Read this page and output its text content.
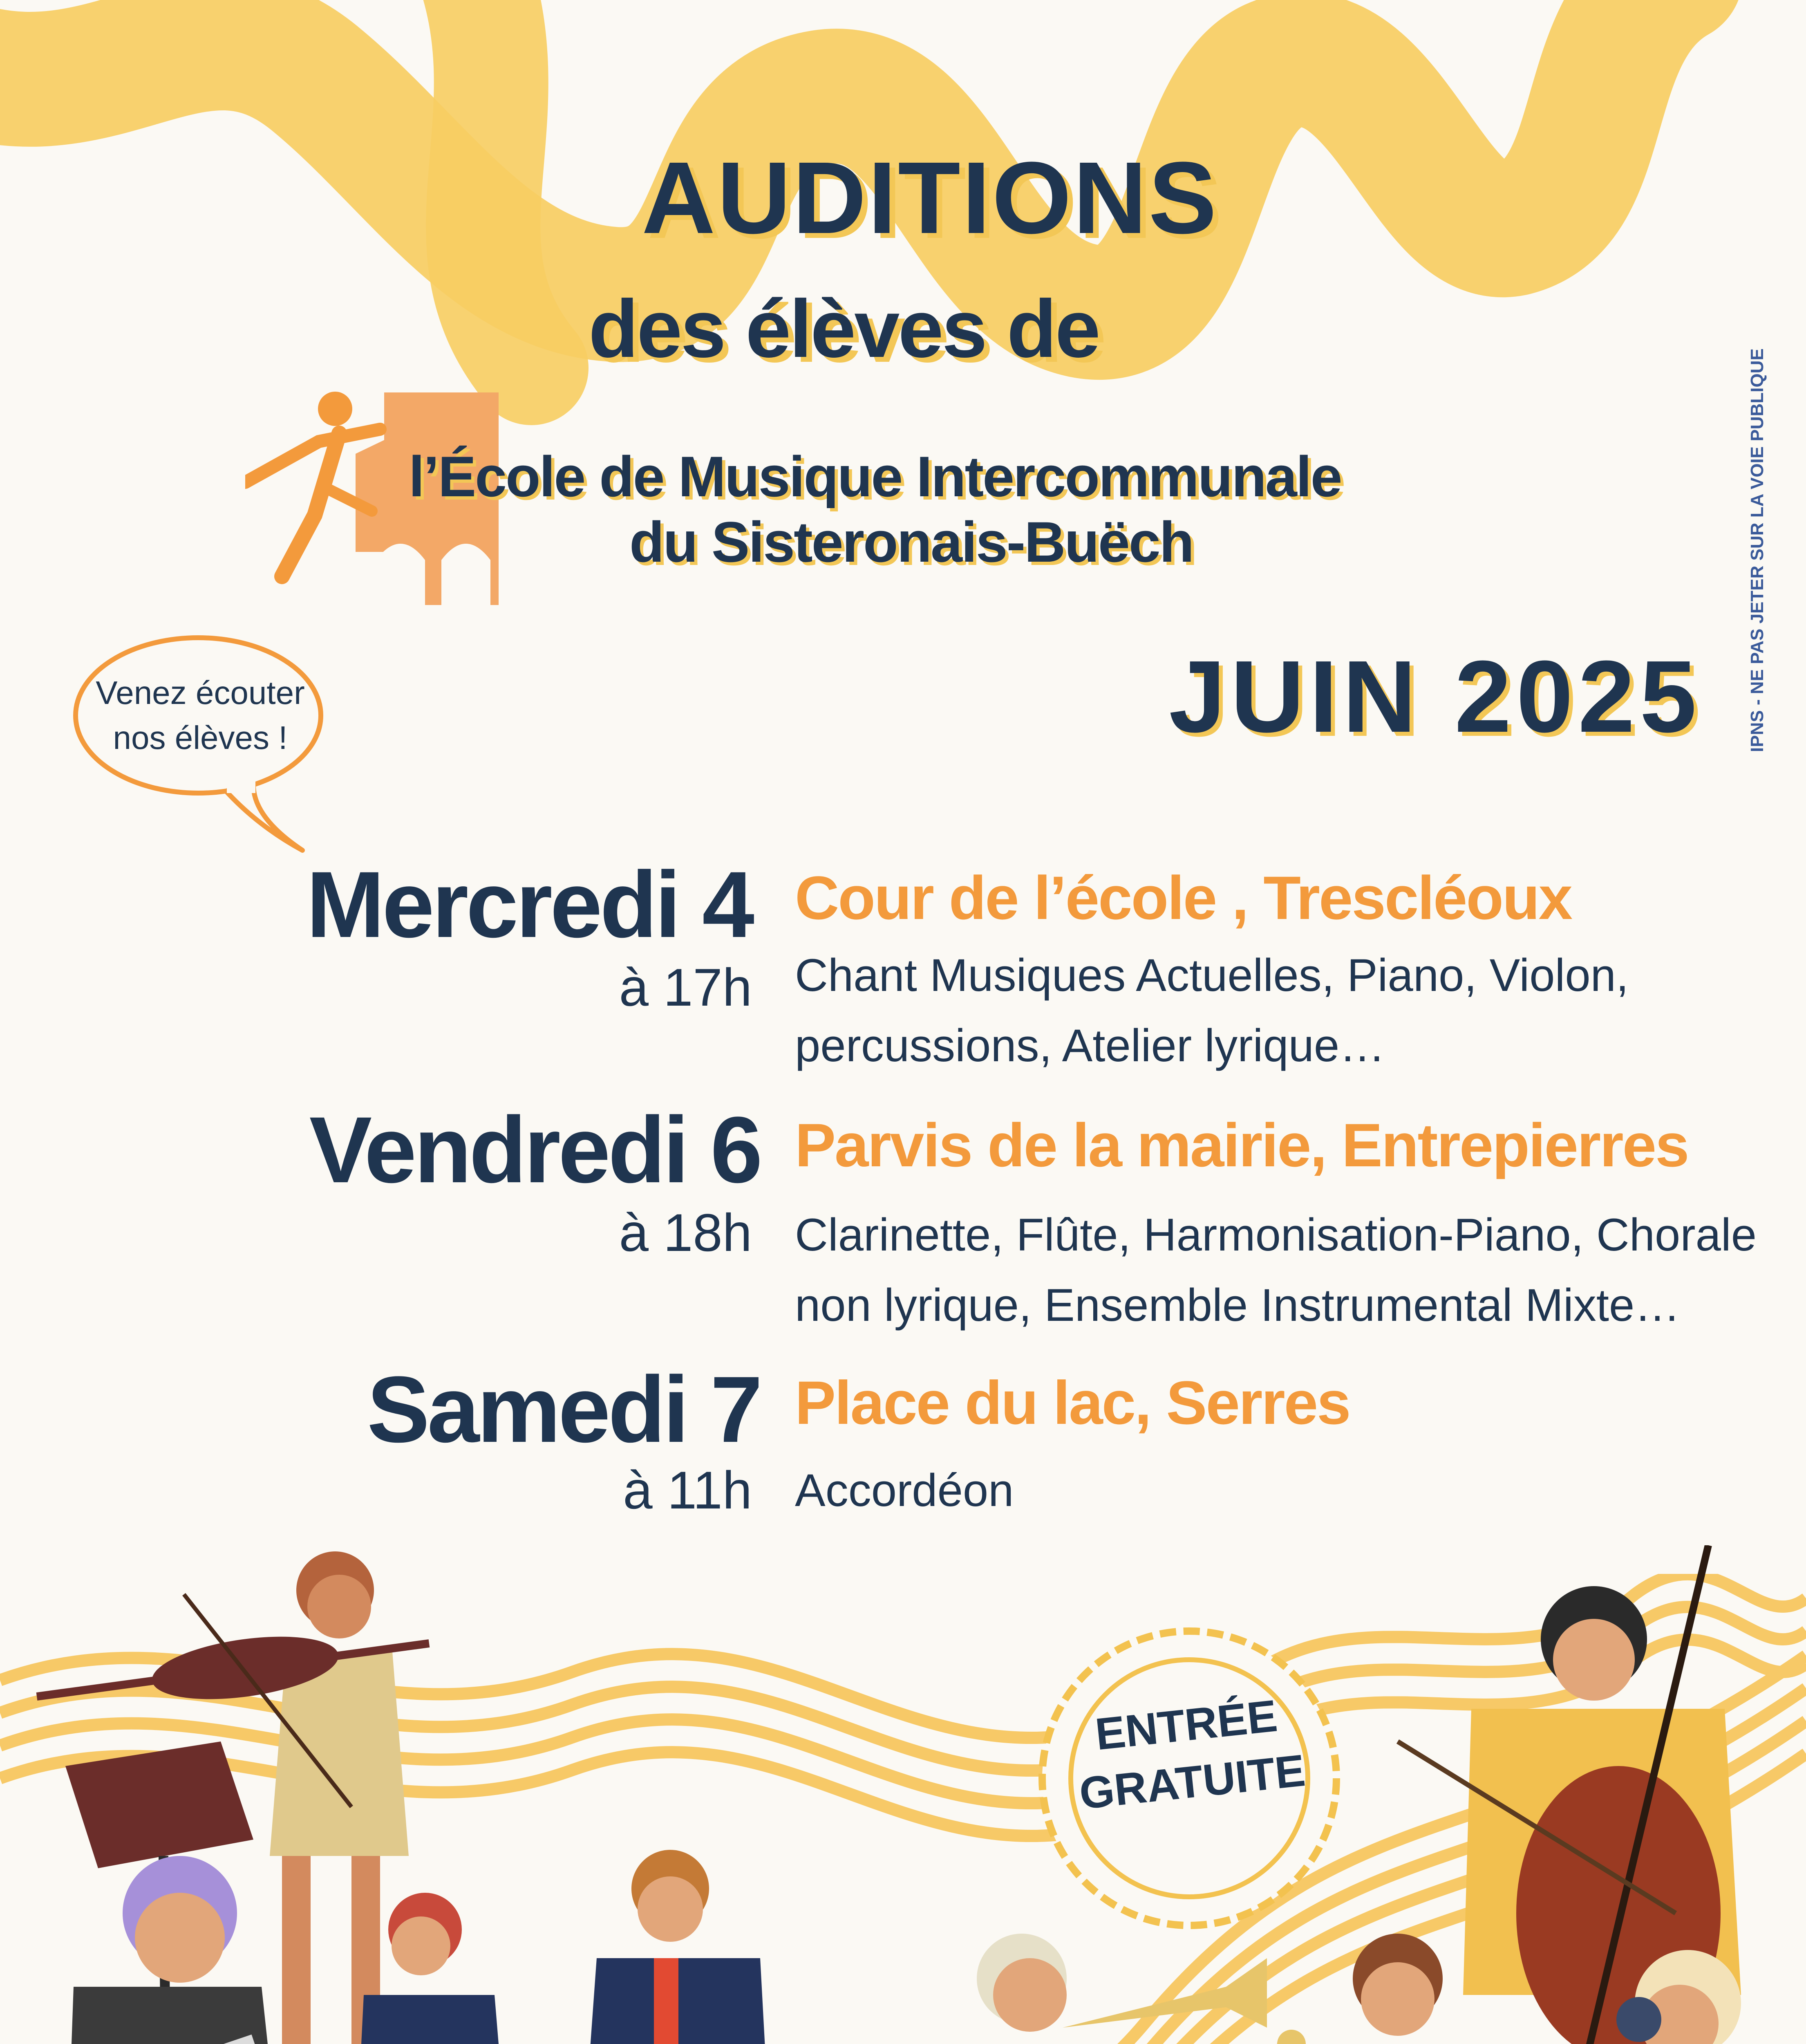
AUDITIONS
des élèves de
l’École de Musique Intercommunale
du Sisteronais-Buëch
Venez écouter
nos élèves !	JUIN 2025	IPNS - NE PAS JETER SUR LA VOIE PUBLIQUE
Mercredi 4
à 17h
Cour de l’école , Trescléoux
Chant Musiques Actuelles, Piano, Violon,
percussions, Atelier lyrique…
Vendredi 6
à 18h
Parvis de la mairie, Entrepierres
Clarinette, Flûte, Harmonisation-Piano, Chorale
non lyrique, Ensemble Instrumental Mixte…
Samedi 7
à 11h
Place du lac, Serres
Accordéon
ENTRÉE
GRATUITE
